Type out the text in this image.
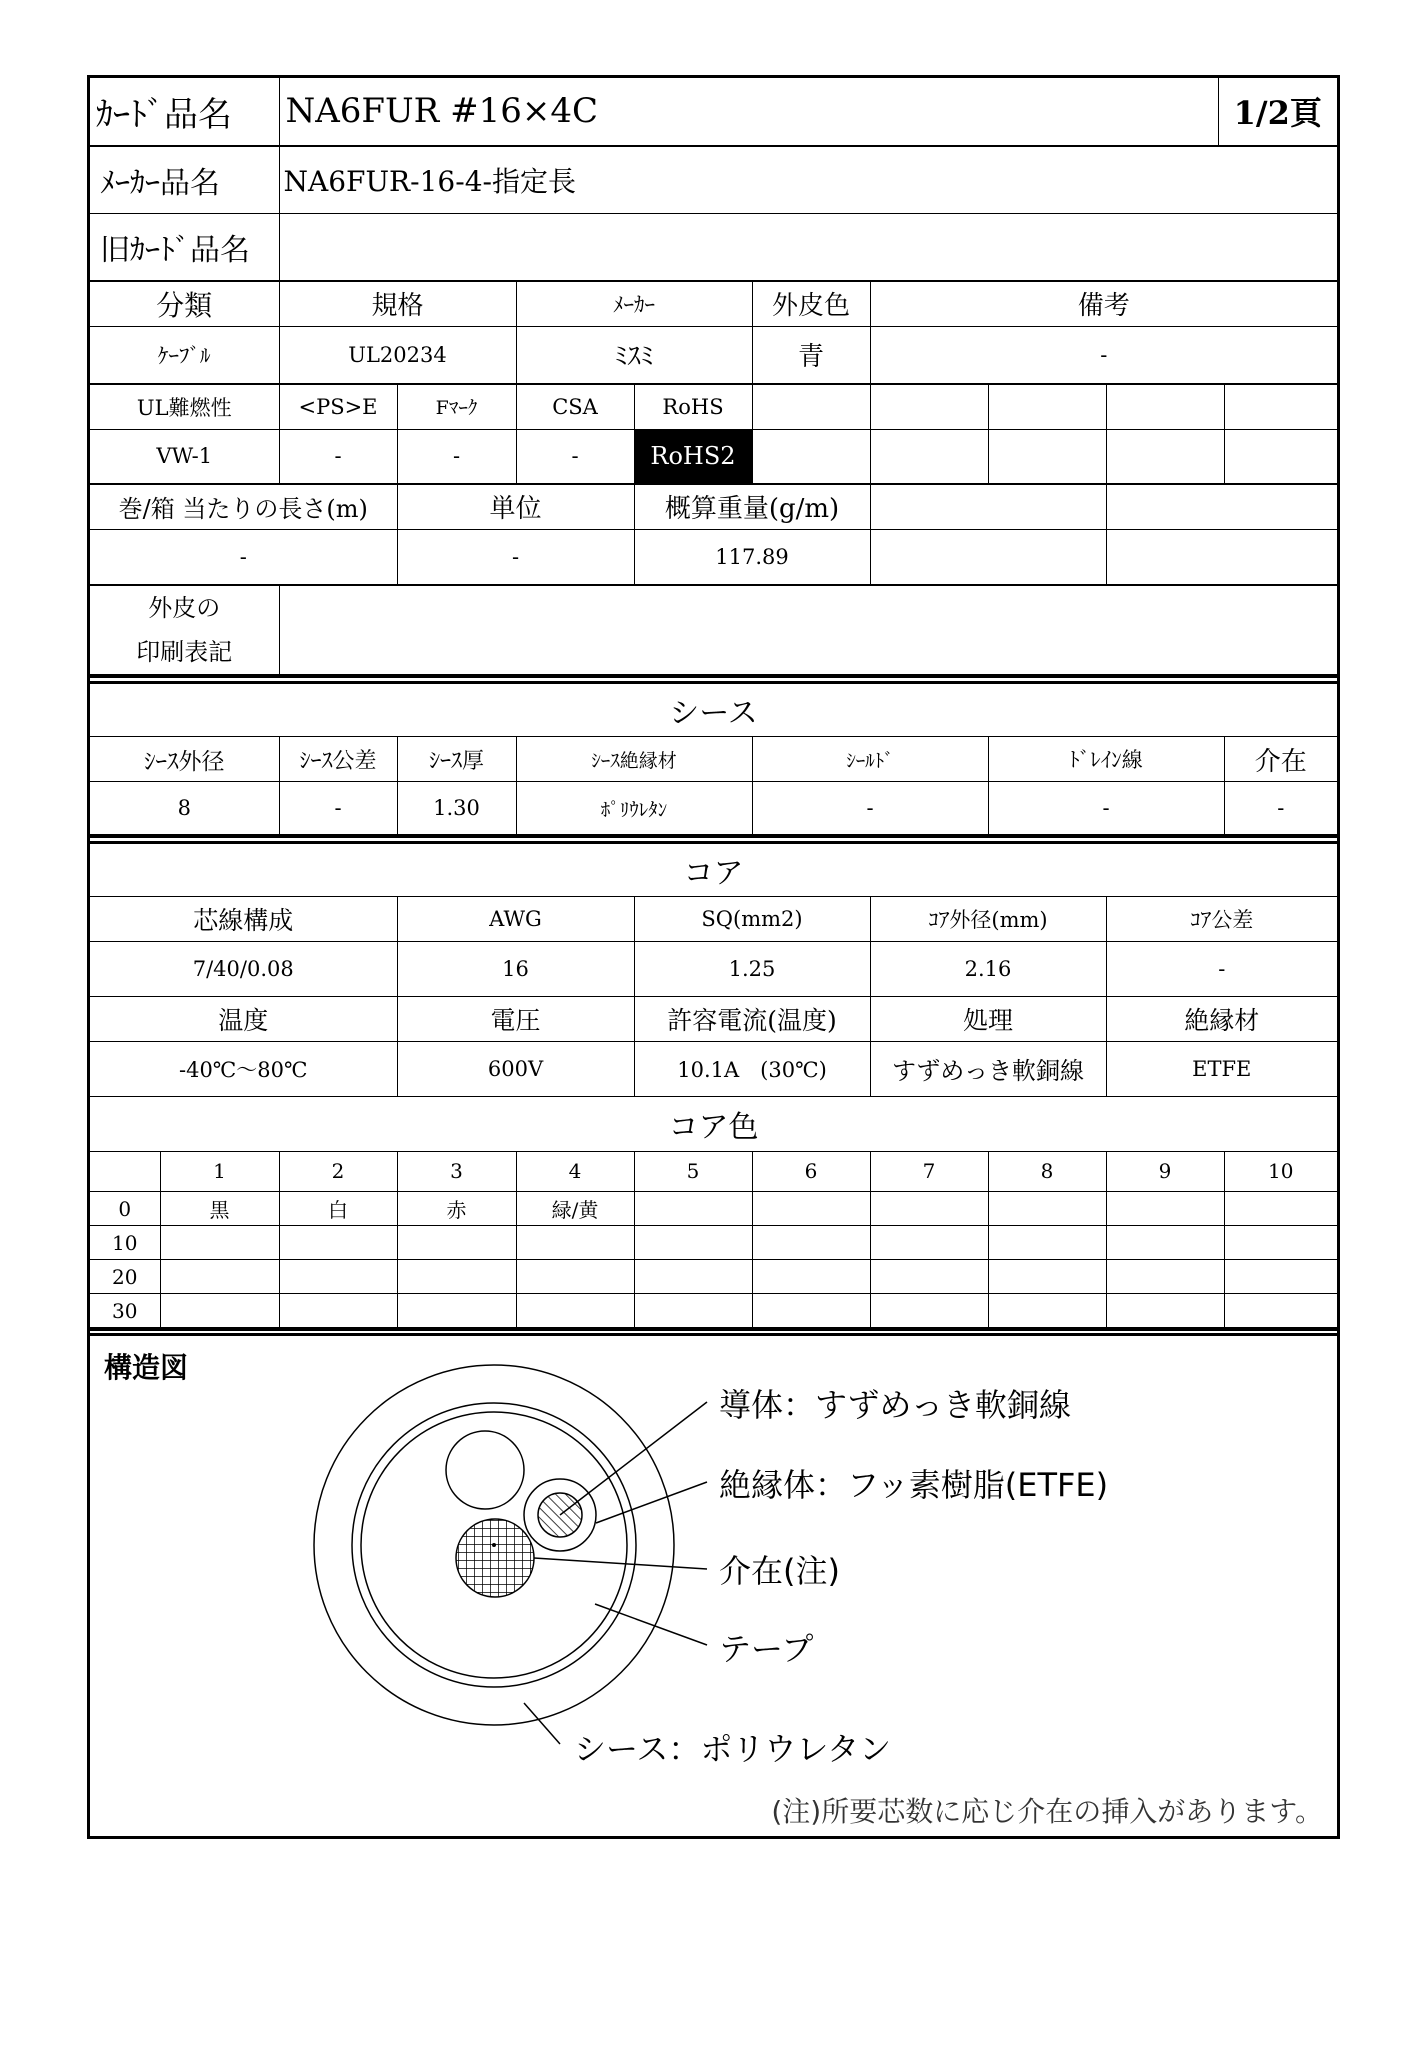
ｶｰﾄﾞ品名	NA6FUR #16×4C	1/2頁
ﾒｰｶｰ品名	NA6FUR-16-4-指定長
旧ｶｰﾄﾞ品名	
分類	規格	ﾒｰｶｰ	外皮色	備考
ｹｰﾌﾞﾙ	UL20234	ﾐｽﾐ	青	-
UL難燃性	<PS>E	Fﾏｰｸ	CSA	RoHS					
VW-1	-	-	-	RoHS2					
巻/箱 当たりの長さ(m)	単位	概算重量(g/m)		
-	-	117.89		
外皮の
印刷表記

シース						
ｼｰｽ外径	ｼｰｽ公差	ｼｰｽ厚	ｼｰｽ絶縁材	ｼｰﾙﾄﾞ	ﾄﾞﾚｲﾝ線	介在
8	-	1.30	ﾎﾟﾘｳﾚﾀﾝ	-	-	-
コア				
芯線構成	AWG	SQ(mm2)	ｺｱ外径(mm)	ｺｱ公差
7/40/0.08	16	1.25	2.16	-
温度	電圧	許容電流(温度)	処理	絶縁材
-40℃～80℃	600V	10.1A　(30℃)	すずめっき軟銅線	ETFE
コア色				
	1	2	3	4	5	6	7	8	9	10
0	黒	白	赤	緑/黄						
10										
20										
30										
構造図
導体：すずめっき軟銅線
絶縁体：フッ素樹脂(ETFE)
介在(注)
テープ
シース：ポリウレタン
(注)所要芯数に応じ介在の挿入があります。
